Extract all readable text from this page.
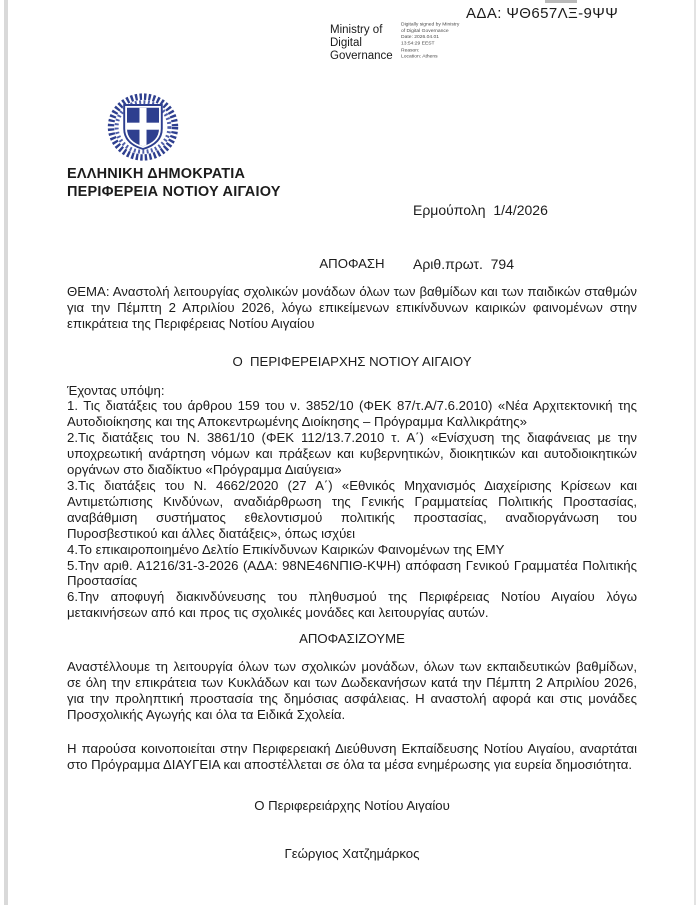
ΑΔΑ: ΨΘ657ΛΞ-9ΨΨ
Ministry of
Digital
Governance
Digitally signed by Ministry
of Digital Governance
Date: 2026.04.01
13:54:29 EEST
Reason:
Location: Athens
ΕΛΛΗΝΙΚΗ ΔΗΜΟΚΡΑΤΙΑ
ΠΕΡΙΦΕΡΕΙΑ ΝΟΤΙΟΥ ΑΙΓΑΙΟΥ

Ερμούπολη  1/4/2026

Αριθ.πρωτ.  794

ΑΠΟΦΑΣΗ

ΘΕΜΑ: Αναστολή λειτουργίας σχολικών μονάδων όλων των βαθμίδων και των παιδικών σταθμών για την Πέμπτη 2 Απριλίου 2026, λόγω επικείμενων επικίνδυνων καιρικών φαινομένων στην επικράτεια της Περιφέρειας Νοτίου Αιγαίου

Ο  ΠΕΡΙΦΕΡΕΙΑΡΧΗΣ ΝΟΤΙΟΥ ΑΙΓΑΙΟΥ

Έχοντας υπόψη:

1. Τις διατάξεις του άρθρου 159 του ν. 3852/10 (ΦΕΚ 87/τ.Α/7.6.2010) «Νέα Αρχιτεκτονική της Αυτοδιοίκησης και της Αποκεντρωμένης Διοίκησης – Πρόγραμμα Καλλικράτης»

2.Τις διατάξεις του Ν. 3861/10 (ΦΕΚ 112/13.7.2010 τ. Α΄) «Ενίσχυση της διαφάνειας με την υποχρεωτική ανάρτηση νόμων και πράξεων και κυβερνητικών, διοικητικών και αυτοδιοικητικών οργάνων στο διαδίκτυο «Πρόγραμμα Διαύγεια»

3.Τις διατάξεις του Ν. 4662/2020 (27 Α΄) «Εθνικός Μηχανισμός Διαχείρισης Κρίσεων και Αντιμετώπισης Κινδύνων, αναδιάρθρωση της Γενικής Γραμματείας Πολιτικής Προστασίας, αναβάθμιση συστήματος εθελοντισμού πολιτικής προστασίας, αναδιοργάνωση του Πυροσβεστικού και άλλες διατάξεις», όπως ισχύει

4.Το επικαιροποιημένο Δελτίο Επικίνδυνων Καιρικών Φαινομένων της ΕΜΥ

5.Την αριθ. Α1216/31-3-2026 (ΑΔΑ: 98ΝΕ46ΝΠΙΘ-ΚΨΗ) απόφαση Γενικού Γραμματέα Πολιτικής Προστασίας

6.Την αποφυγή διακινδύνευσης του πληθυσμού της Περιφέρειας Νοτίου Αιγαίου λόγω μετακινήσεων από και προς τις σχολικές μονάδες και λειτουργίας αυτών.

ΑΠΟΦΑΣΙΖΟΥΜΕ

Αναστέλλουμε τη λειτουργία όλων των σχολικών μονάδων, όλων των εκπαιδευτικών βαθμίδων, σε όλη την επικράτεια των Κυκλάδων και των Δωδεκανήσων κατά την Πέμπτη 2 Απριλίου 2026, για την προληπτική προστασία της δημόσιας ασφάλειας. Η αναστολή αφορά και στις μονάδες Προσχολικής Αγωγής και όλα τα Ειδικά Σχολεία.

Η παρούσα κοινοποιείται στην Περιφερειακή Διεύθυνση Εκπαίδευσης Νοτίου Αιγαίου, αναρτάται στο Πρόγραμμα ΔΙΑΥΓΕΙΑ και αποστέλλεται σε όλα τα μέσα ενημέρωσης για ευρεία δημοσιότητα.

Ο Περιφερειάρχης Νοτίου Αιγαίου

Γεώργιος Χατζημάρκος
